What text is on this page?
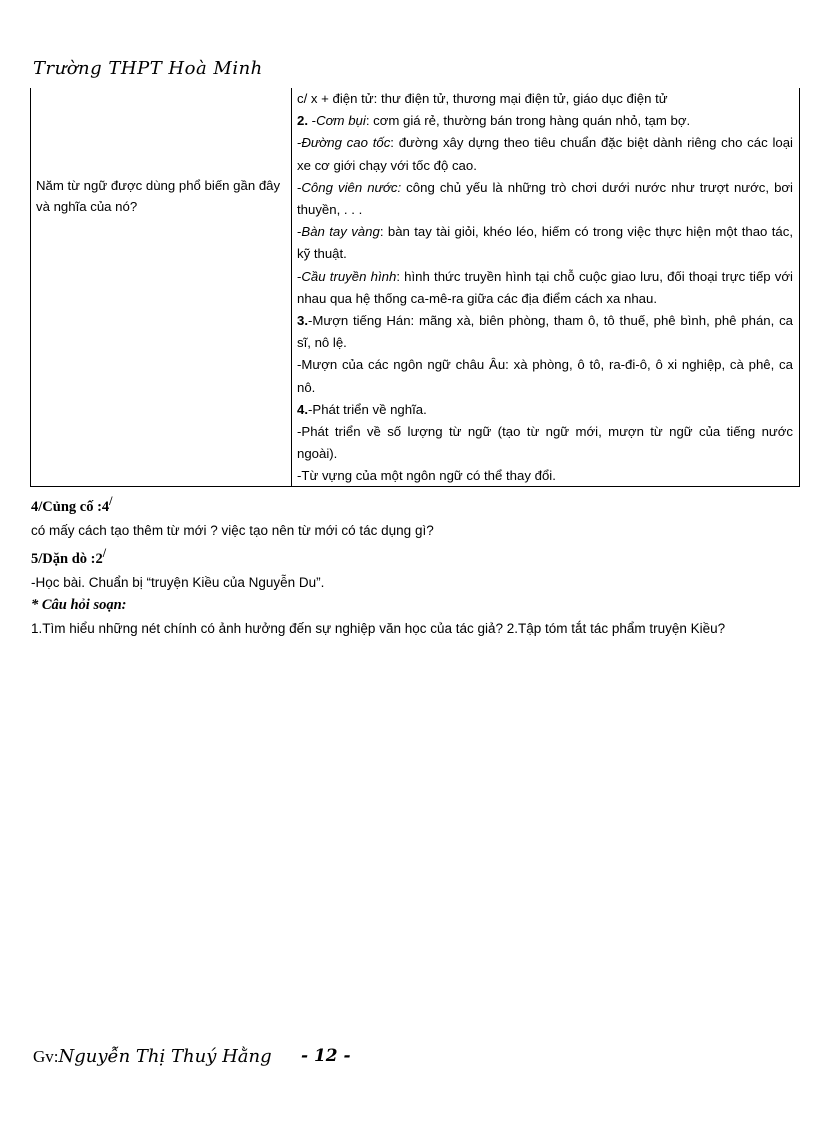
Trường THPT Hoà Minh
Năm từ ngữ được dùng phổ biến gần đây và nghĩa của nó?

c/ x + điện tử: thư điện tử, thương mại điện tử, giáo dục điện tử

2. -Cơm bụi: cơm giá rẻ, thường bán trong hàng quán nhỏ, tạm bợ.

-Đường cao tốc: đường xây dựng theo tiêu chuẩn đặc biệt dành riêng cho các loại xe cơ giới chạy với tốc độ cao.

-Công viên nước: công chủ yếu là những trò chơi dưới nước như trượt nước, bơi thuyền, . . .

-Bàn tay vàng: bàn tay tài giỏi, khéo léo, hiếm có trong việc thực hiện một thao tác, kỹ thuật.

-Cầu truyền hình: hình thức truyền hình tại chỗ cuộc giao lưu, đối thoại trực tiếp với nhau qua hệ thống ca-mê-ra giữa các địa điểm cách xa nhau.

3.-Mượn tiếng Hán: mãng xà, biên phòng, tham ô, tô thuế, phê bình, phê phán, ca sĩ, nô lệ.

-Mượn của các ngôn ngữ châu Âu: xà phòng, ô tô, ra-đi-ô, ô xi nghiệp, cà phê, ca nô.

4.-Phát triển về nghĩa.

-Phát triển về số lượng từ ngữ (tạo từ ngữ mới, mượn từ ngữ của tiếng nước ngoài).

-Từ vựng của một ngôn ngữ có thể thay đổi.

4/Củng cố :4/

có mấy cách tạo thêm từ mới ? việc tạo nên từ mới có tác dụng gì?

5/Dặn dò :2/

-Học bài. Chuẩn bị “truyện Kiều của Nguyễn Du”.

* Câu hỏi soạn:

1.Tìm hiểu những nét chính có ảnh hưởng đến sự nghiệp văn học của tác giả? 2.Tập tóm tắt tác phẩm truyện Kiều?

Gv:Nguyễn Thị Thuý Hằng - 12 -
